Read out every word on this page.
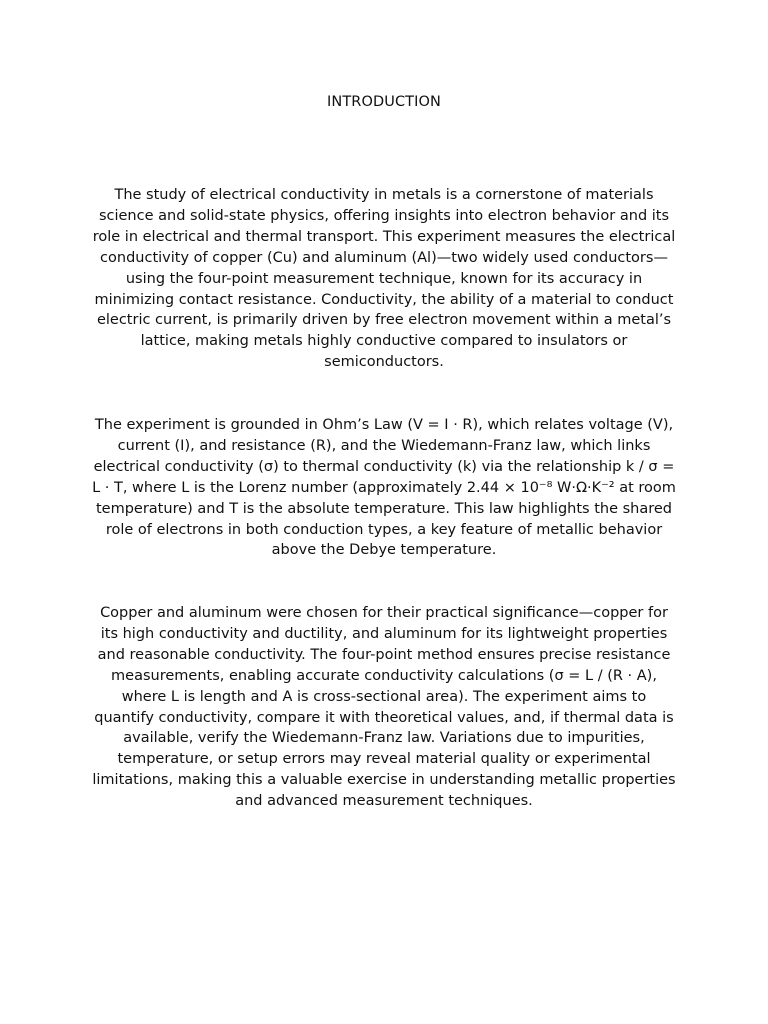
INTRODUCTION

The study of electrical conductivity in metals is a cornerstone of materials science and solid-state physics, offering insights into electron behavior and its role in electrical and thermal transport. This experiment measures the electrical conductivity of copper (Cu) and aluminum (Al)—two widely used conductors—using the four-point measurement technique, known for its accuracy in minimizing contact resistance. Conductivity, the ability of a material to conduct electric current, is primarily driven by free electron movement within a metal’s lattice, making metals highly conductive compared to insulators or semiconductors.

The experiment is grounded in Ohm’s Law (V = I · R), which relates voltage (V), current (I), and resistance (R), and the Wiedemann-Franz law, which links electrical conductivity (σ) to thermal conductivity (k) via the relationship k / σ = L · T, where L is the Lorenz number (approximately 2.44 × 10⁻⁸ W·Ω·K⁻² at room temperature) and T is the absolute temperature. This law highlights the shared role of electrons in both conduction types, a key feature of metallic behavior above the Debye temperature.

Copper and aluminum were chosen for their practical significance—copper for its high conductivity and ductility, and aluminum for its lightweight properties and reasonable conductivity. The four-point method ensures precise resistance measurements, enabling accurate conductivity calculations (σ = L / (R · A), where L is length and A is cross-sectional area). The experiment aims to quantify conductivity, compare it with theoretical values, and, if thermal data is available, verify the Wiedemann-Franz law. Variations due to impurities, temperature, or setup errors may reveal material quality or experimental limitations, making this a valuable exercise in understanding metallic properties and advanced measurement techniques.
